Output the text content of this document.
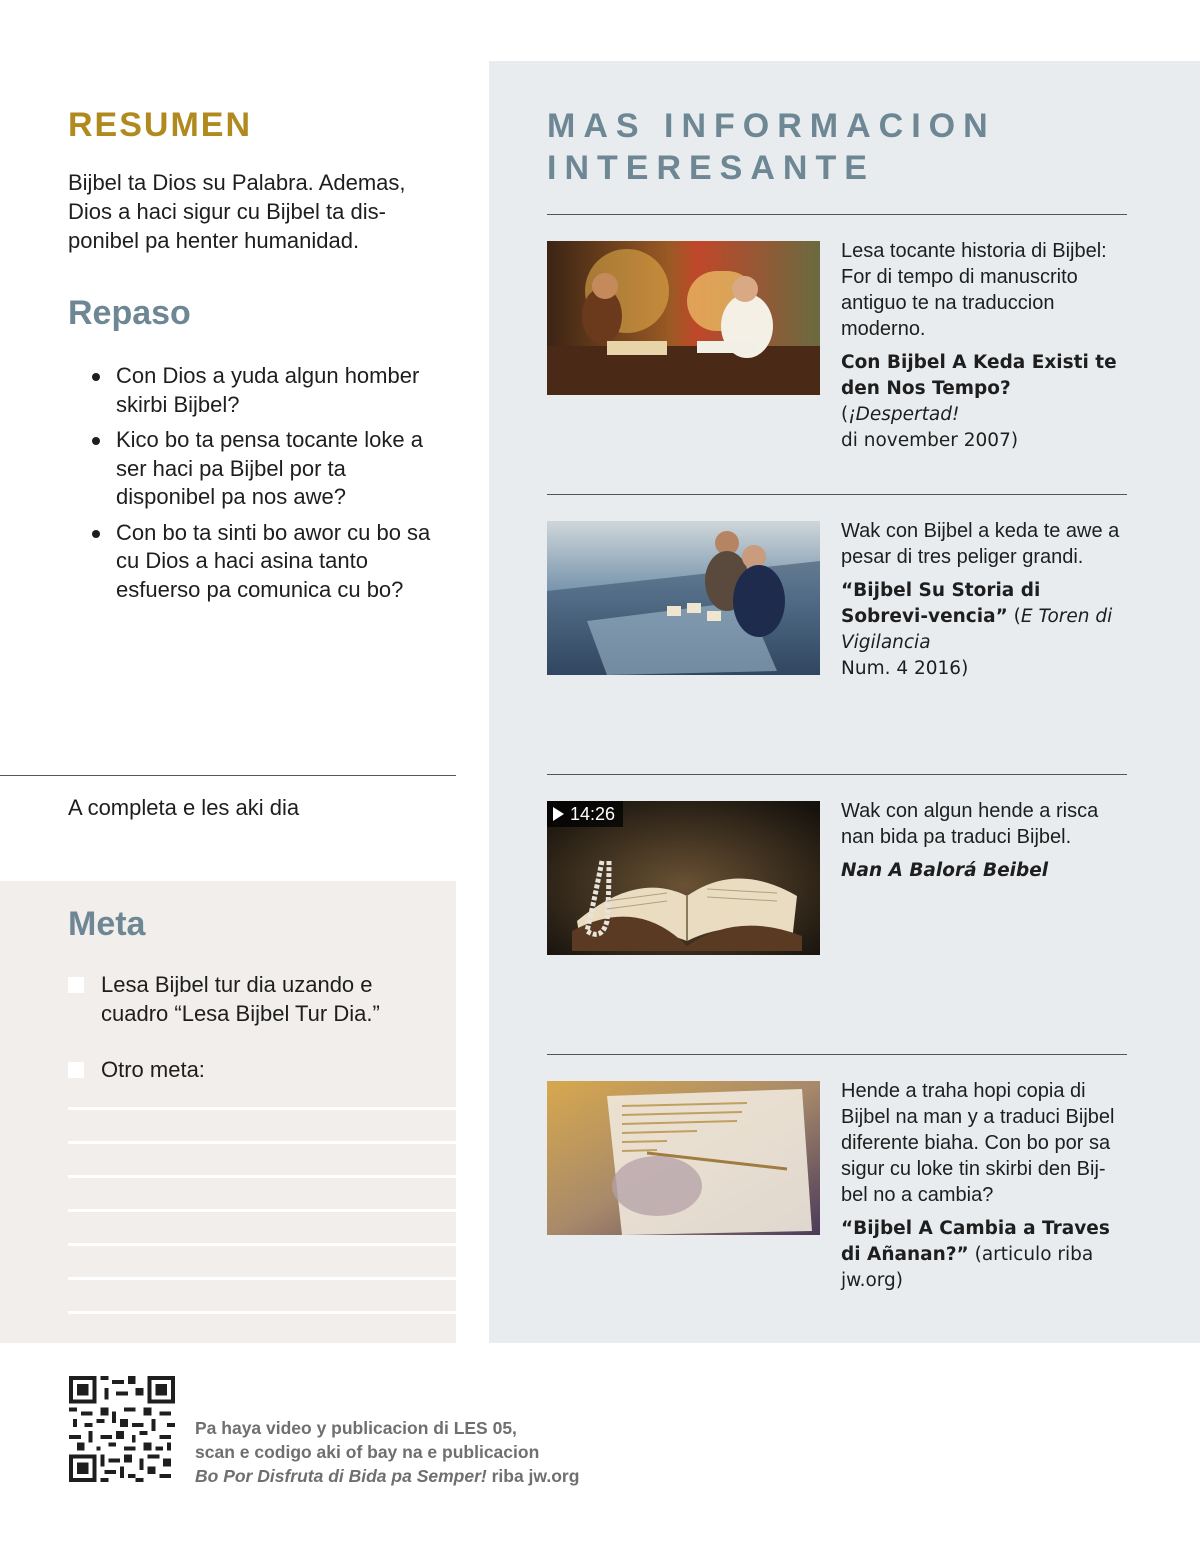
RESUMEN

Bijbel ta Dios su Palabra. Ademas, Dios a haci sigur cu Bijbel ta dis-ponibel pa henter humanidad.

Repaso
Con Dios a yuda algun homber skirbi Bijbel?
Kico bo ta pensa tocante loke a ser haci pa Bijbel por ta disponibel pa nos awe?
Con bo ta sinti bo awor cu bo sa cu Dios a haci asina tanto esfuerso pa comunica cu bo?
A completa e les aki dia
Meta
Lesa Bijbel tur dia uzando e cuadro “Lesa Bijbel Tur Dia.”
Otro meta:
MAS INFORMACION
INTERESANTE
Lesa tocante historia di Bijbel: For di tempo di manuscrito antiguo te na traduccion moderno.
Con Bijbel A Keda Existi te den Nos Tempo? (¡Despertad!
di november 2007)
Wak con Bijbel a keda te awe a pesar di tres peliger grandi.
“Bijbel Su Storia di Sobrevi-vencia” (E Toren di Vigilancia
Num. 4 2016)
14:26	Wak con algun hende a risca nan bida pa traduci Bijbel.
Nan A Balorá Beibel
Hende a traha hopi copia di Bijbel na man y a traduci Bijbel diferente biaha. Con bo por sa sigur cu loke tin skirbi den Bij-bel no a cambia?
“Bijbel A Cambia a Traves di Añanan?” (articulo riba jw.org)
Pa haya video y publicacion di LES 05,
scan e codigo aki of bay na e publicacion
Bo Por Disfruta di Bida pa Semper! riba jw.org
